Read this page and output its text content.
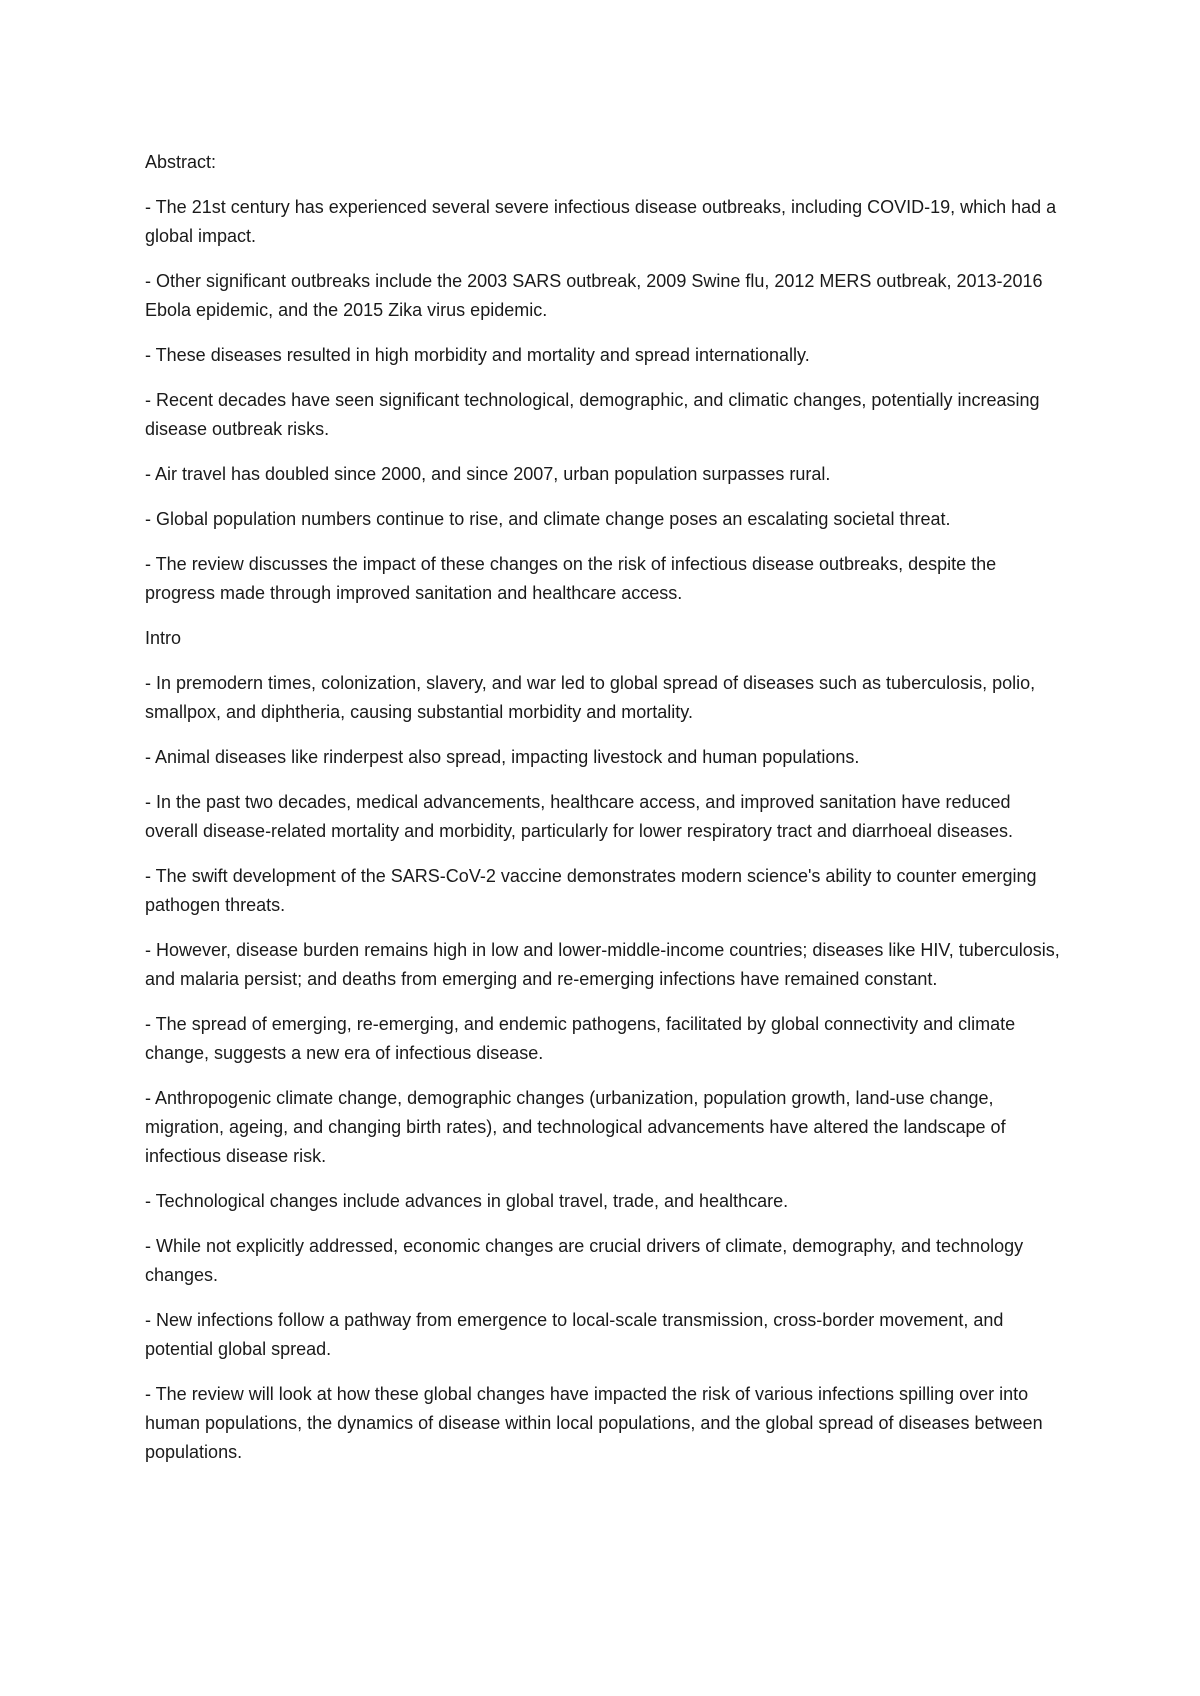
Abstract:

- The 21st century has experienced several severe infectious disease outbreaks, including COVID-19, which had a global impact.

- Other significant outbreaks include the 2003 SARS outbreak, 2009 Swine flu, 2012 MERS outbreak, 2013-2016 Ebola epidemic, and the 2015 Zika virus epidemic.

- These diseases resulted in high morbidity and mortality and spread internationally.

- Recent decades have seen significant technological, demographic, and climatic changes, potentially increasing disease outbreak risks.

- Air travel has doubled since 2000, and since 2007, urban population surpasses rural.

- Global population numbers continue to rise, and climate change poses an escalating societal threat.

- The review discusses the impact of these changes on the risk of infectious disease outbreaks, despite the progress made through improved sanitation and healthcare access.

Intro

- In premodern times, colonization, slavery, and war led to global spread of diseases such as tuberculosis, polio, smallpox, and diphtheria, causing substantial morbidity and mortality.

- Animal diseases like rinderpest also spread, impacting livestock and human populations.

- In the past two decades, medical advancements, healthcare access, and improved sanitation have reduced overall disease-related mortality and morbidity, particularly for lower respiratory tract and diarrhoeal diseases.

- The swift development of the SARS-CoV-2 vaccine demonstrates modern science's ability to counter emerging pathogen threats.

- However, disease burden remains high in low and lower-middle-income countries; diseases like HIV, tuberculosis, and malaria persist; and deaths from emerging and re-emerging infections have remained constant.

- The spread of emerging, re-emerging, and endemic pathogens, facilitated by global connectivity and climate change, suggests a new era of infectious disease.

- Anthropogenic climate change, demographic changes (urbanization, population growth, land-use change, migration, ageing, and changing birth rates), and technological advancements have altered the landscape of infectious disease risk.

- Technological changes include advances in global travel, trade, and healthcare.

- While not explicitly addressed, economic changes are crucial drivers of climate, demography, and technology changes.

- New infections follow a pathway from emergence to local-scale transmission, cross-border movement, and potential global spread.

- The review will look at how these global changes have impacted the risk of various infections spilling over into human populations, the dynamics of disease within local populations, and the global spread of diseases between populations.
